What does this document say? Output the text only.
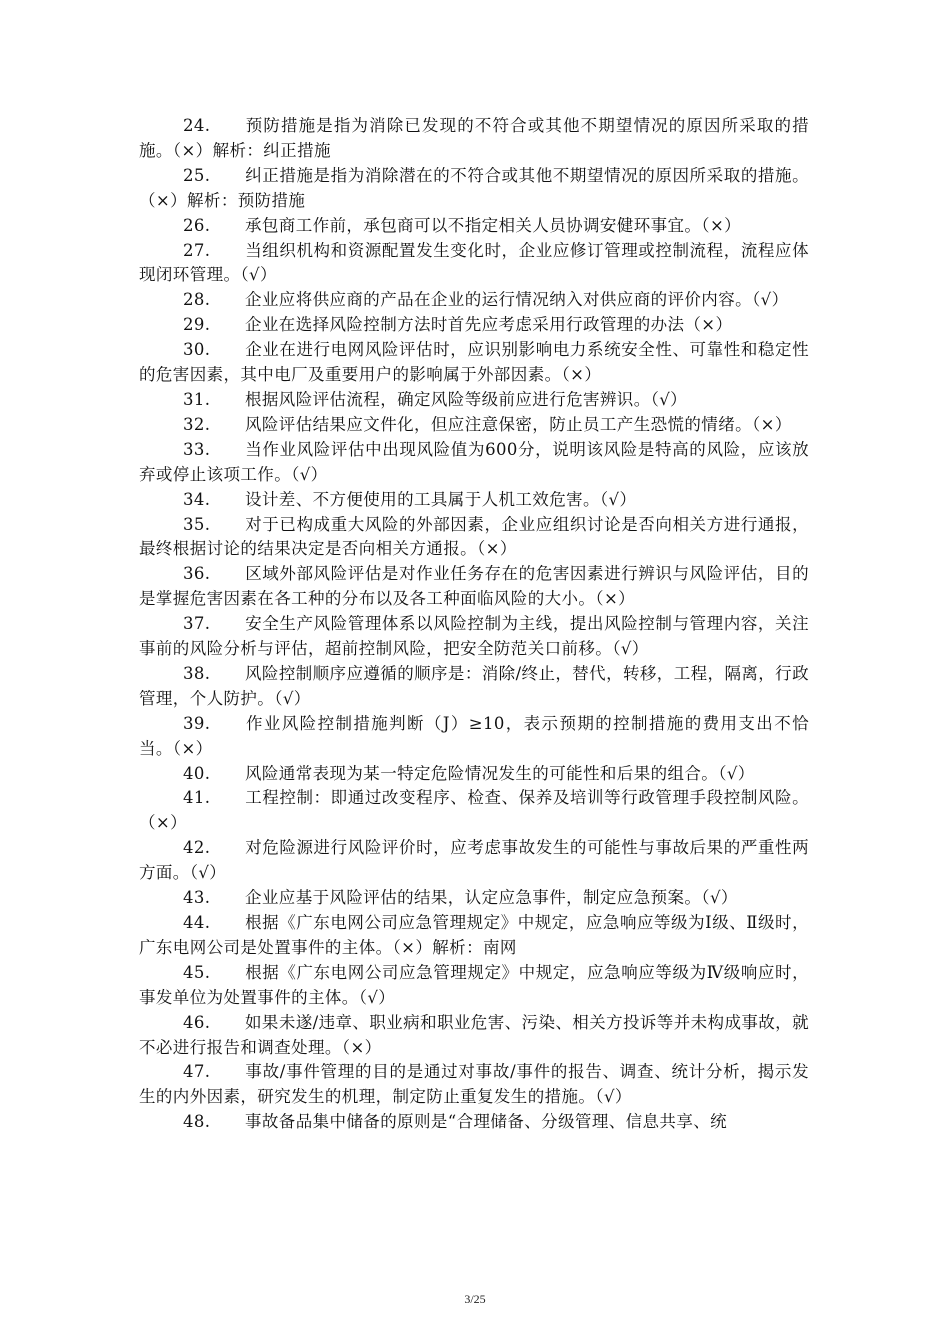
24. 预防措施是指为消除已发现的不符合或其他不期望情况的原因所采取的措施。（×）解析：纠正措施

25. 纠正措施是指为消除潜在的不符合或其他不期望情况的原因所采取的措施。（×）解析：预防措施

26. 承包商工作前，承包商可以不指定相关人员协调安健环事宜。（×）

27. 当组织机构和资源配置发生变化时，企业应修订管理或控制流程，流程应体现闭环管理。（√）

28. 企业应将供应商的产品在企业的运行情况纳入对供应商的评价内容。（√）

29. 企业在选择风险控制方法时首先应考虑采用行政管理的办法（×）

30. 企业在进行电网风险评估时，应识别影响电力系统安全性、可靠性和稳定性的危害因素，其中电厂及重要用户的影响属于外部因素。（×）

31. 根据风险评估流程，确定风险等级前应进行危害辨识。（√）

32. 风险评估结果应文件化，但应注意保密，防止员工产生恐慌的情绪。（×）

33. 当作业风险评估中出现风险值为600分，说明该风险是特高的风险，应该放弃或停止该项工作。（√）

34. 设计差、不方便使用的工具属于人机工效危害。（√）

35. 对于已构成重大风险的外部因素，企业应组织讨论是否向相关方进行通报，最终根据讨论的结果决定是否向相关方通报。（×）

36. 区域外部风险评估是对作业任务存在的危害因素进行辨识与风险评估，目的是掌握危害因素在各工种的分布以及各工种面临风险的大小。（×）

37. 安全生产风险管理体系以风险控制为主线，提出风险控制与管理内容，关注事前的风险分析与评估，超前控制风险，把安全防范关口前移。（√）

38. 风险控制顺序应遵循的顺序是：消除/终止，替代，转移，工程，隔离，行政管理，个人防护。（√）

39. 作业风险控制措施判断（J）≥10，表示预期的控制措施的费用支出不恰当。（×）

40. 风险通常表现为某一特定危险情况发生的可能性和后果的组合。（√）

41. 工程控制：即通过改变程序、检查、保养及培训等行政管理手段控制风险。（×）

42. 对危险源进行风险评价时，应考虑事故发生的可能性与事故后果的严重性两方面。（√）

43. 企业应基于风险评估的结果，认定应急事件，制定应急预案。（√）

44. 根据《广东电网公司应急管理规定》中规定，应急响应等级为Ⅰ级、Ⅱ级时，广东电网公司是处置事件的主体。（×）解析：南网

45. 根据《广东电网公司应急管理规定》中规定，应急响应等级为Ⅳ级响应时，事发单位为处置事件的主体。（√）

46. 如果未遂/违章、职业病和职业危害、污染、相关方投诉等并未构成事故，就不必进行报告和调查处理。（×）

47. 事故/事件管理的目的是通过对事故/事件的报告、调查、统计分析，揭示发生的内外因素，研究发生的机理，制定防止重复发生的措施。（√）

48. 事故备品集中储备的原则是“合理储备、分级管理、信息共享、统

3/25
